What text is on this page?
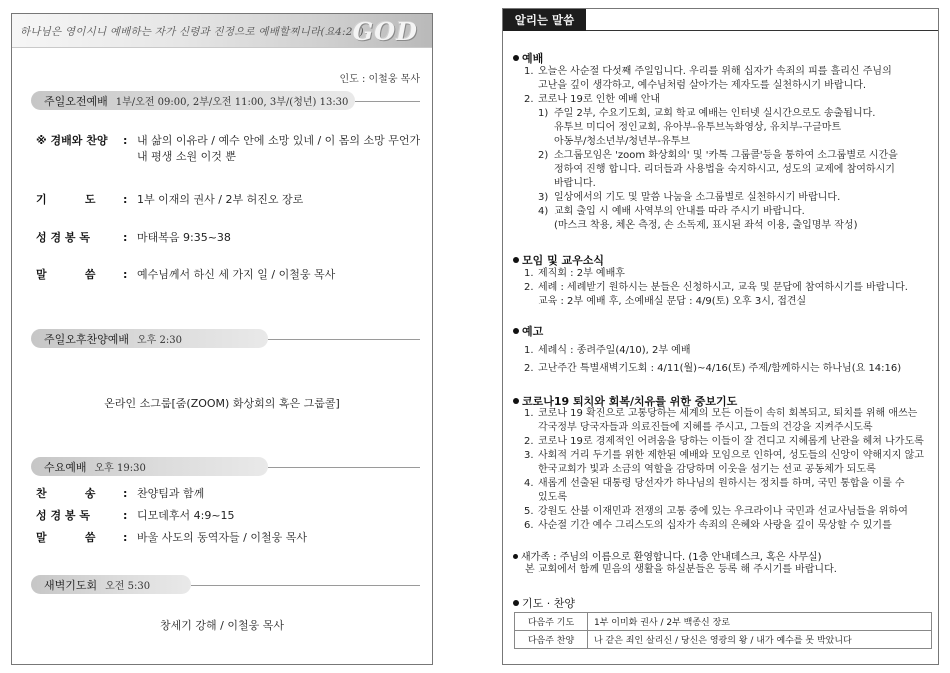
하나님은 영이시니 예배하는 자가 신령과 진정으로 예배할찌니라(요4:24)
GOD
인도 : 이철웅 목사
주일오전예배 1부/오전 09:00, 2부/오전 11:00, 3부/(청년) 13:30
※ 경배와 찬양 : 내 삶의 이유라 / 예수 안에 소망 있네 / 이 몸의 소망 무언가
내 평생 소원 이것 뿐
기          도 : 1부 이재의 권사 / 2부 허진오 장로
성 경 봉 독	: 마태복음 9:35~38
말          씀 : 예수님께서 하신 세 가지 일 / 이철웅 목사
주일오후찬양예배 오후 2:30
온라인 소그룹[줌(ZOOM) 화상회의 혹은 그룹콜]
수요예배 오후 19:30
찬          송 : 찬양팀과 함께
성 경 봉 독	: 디모데후서 4:9~15
말          씀 : 바울 사도의 동역자들 / 이철웅 목사
새벽기도회 오전 5:30
창세기 강해 / 이철웅 목사
알리는 말씀
예배
1. 오늘은 사순절 다섯째 주일입니다. 우리를 위해 십자가 속죄의 피를 흘리신 주님의
고난을 깊이 생각하고, 예수님처럼 살아가는 제자도를 실천하시기 바랍니다.
2. 코로나 19로 인한 예배 안내
1) 주일 2부, 수요기도회, 교회 학교 예배는 인터넷 실시간으로도 송출됩니다.
유투브 미디어 정인교회, 유아부-유투브녹화영상, 유치부-구글마트
아동부/청소년부/청년부-유투브
2) 소그룹모임은 'zoom 화상회의' 및 '카톡 그룹콜'등을 통하여 소그룹별로 시간을
정하여 진행 합니다. 리더들과 사용법을 숙지하시고, 성도의 교제에 참여하시기
바랍니다.
3) 일상에서의 기도 및 말씀 나눔을 소그룹별로 실천하시기 바랍니다.
4) 교회 출입 시 예배 사역부의 안내를 따라 주시기 바랍니다.
(마스크 착용, 체온 측정, 손 소독제, 표시된 좌석 이용, 출입명부 작성)
모임 및 교우소식
1. 제직회 : 2부 예배후
2. 세례 : 세례받기 원하시는 분들은 신청하시고, 교육 및 문답에 참여하시기를 바랍니다.
교육 : 2부 예배 후, 소예배실 문답 : 4/9(토) 오후 3시, 접견실
예고
1. 세례식 : 종려주일(4/10), 2부 예배
2. 고난주간 특별새벽기도회 : 4/11(월)~4/16(토) 주제/함께하시는 하나님(요 14:16)
코로나19 퇴치와 회복/치유를 위한 중보기도
1. 코로나 19 확진으로 고통당하는 세계의 모든 이들이 속히 회복되고, 퇴치를 위해 애쓰는
각국정부 당국자들과 의료진들에 지혜를 주시고, 그들의 건강을 지켜주시도록
2. 코로나 19로 경제적인 어려움을 당하는 이들이 잘 견디고 지혜롭게 난관을 헤쳐 나가도록
3. 사회적 거리 두기를 위한 제한된 예배와 모임으로 인하여, 성도들의 신앙이 약해지지 않고
한국교회가 빛과 소금의 역할을 감당하며 이웃을 섬기는 선교 공동체가 되도록
4. 새롭게 선출된 대통령 당선자가 하나님의 원하시는 정치를 하며, 국민 통합을 이룰 수
있도록
5. 강원도 산불 이재민과 전쟁의 고통 중에 있는 우크라이나 국민과 선교사님들을 위하여
6. 사순절 기간 예수 그리스도의 십자가 속죄의 은혜와 사랑을 깊이 묵상할 수 있기를
새가족 : 주님의 이름으로 환영합니다. (1층 안내데스크, 혹은 사무실)
본 교회에서 함께 믿음의 생활을 하실분들은 등록 해 주시기를 바랍니다.
기도 · 찬양
다음주 기도	1부 이미화 권사 / 2부 백종신 장로
다음주 찬양	나 같은 죄인 살리신 / 당신은 영광의 왕 / 내가 예수를 못 박았니다
